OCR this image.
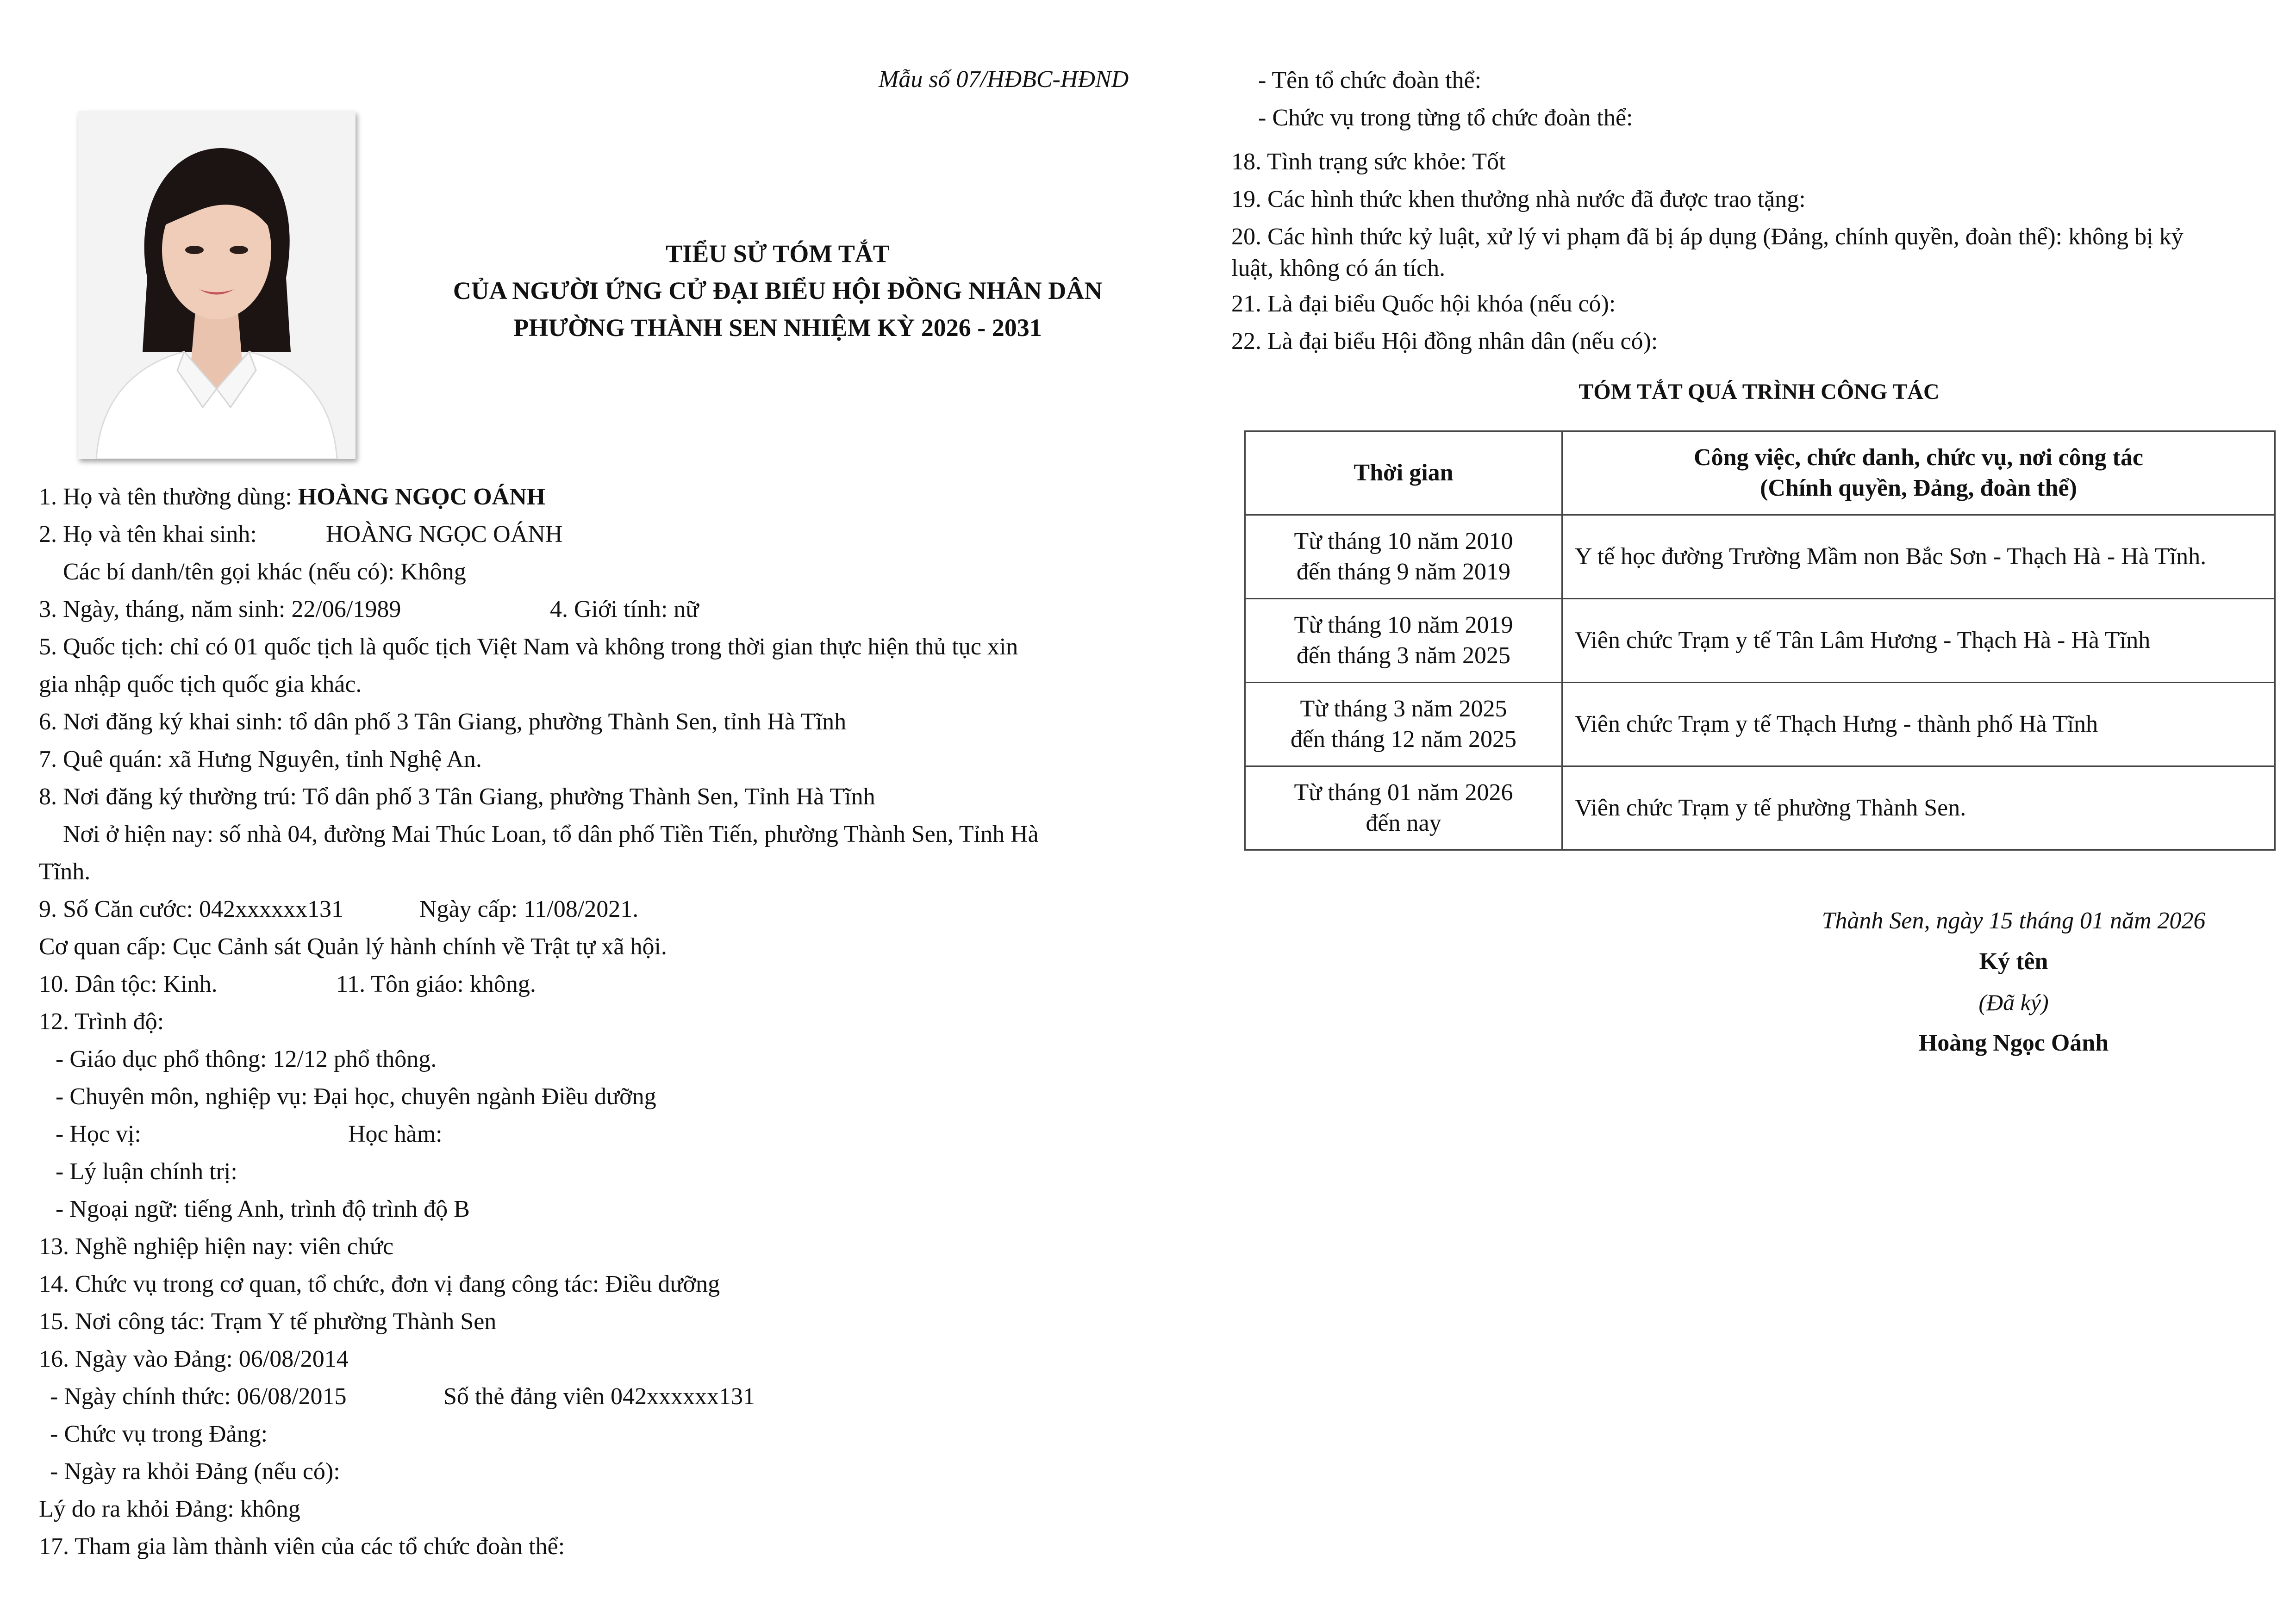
Mẫu số 07/HĐBC-HĐND
TIỂU SỬ TÓM TẮT
CỦA NGƯỜI ỨNG CỬ ĐẠI BIỂU HỘI ĐỒNG NHÂN DÂN
PHƯỜNG THÀNH SEN NHIỆM KỲ 2026 - 2031
1. Họ và tên thường dùng: HOÀNG NGỌC OÁNH
2. Họ và tên khai sinh:	HOÀNG NGỌC OÁNH
Các bí danh/tên gọi khác (nếu có): Không
3. Ngày, tháng, năm sinh: 22/06/1989	4. Giới tính: nữ
5. Quốc tịch: chỉ có 01 quốc tịch là quốc tịch Việt Nam và không trong thời gian thực hiện thủ tục xin
gia nhập quốc tịch quốc gia khác.
6. Nơi đăng ký khai sinh: tổ dân phố 3 Tân Giang, phường Thành Sen, tỉnh Hà Tĩnh
7. Quê quán: xã Hưng Nguyên, tỉnh Nghệ An.
8. Nơi đăng ký thường trú: Tổ dân phố 3 Tân Giang, phường Thành Sen, Tỉnh Hà Tĩnh
Nơi ở hiện nay: số nhà 04, đường Mai Thúc Loan, tổ dân phố Tiền Tiến, phường Thành Sen, Tỉnh Hà
Tĩnh.
9. Số Căn cước: 042xxxxxx131	Ngày cấp: 11/08/2021.
Cơ quan cấp: Cục Cảnh sát Quản lý hành chính về Trật tự xã hội.
10. Dân tộc: Kinh.	11. Tôn giáo: không.
12. Trình độ:
- Giáo dục phổ thông: 12/12 phổ thông.
- Chuyên môn, nghiệp vụ: Đại học, chuyên ngành Điều dưỡng
- Học vị:	Học hàm:
- Lý luận chính trị:
- Ngoại ngữ: tiếng Anh, trình độ trình độ B
13. Nghề nghiệp hiện nay: viên chức
14. Chức vụ trong cơ quan, tổ chức, đơn vị đang công tác: Điều dưỡng
15. Nơi công tác: Trạm Y tế phường Thành Sen
16. Ngày vào Đảng: 06/08/2014
- Ngày chính thức: 06/08/2015	Số thẻ đảng viên 042xxxxxx131
- Chức vụ trong Đảng:
- Ngày ra khỏi Đảng (nếu có):
Lý do ra khỏi Đảng: không
17. Tham gia làm thành viên của các tổ chức đoàn thể:
- Tên tổ chức đoàn thể:
- Chức vụ trong từng tổ chức đoàn thể:
18. Tình trạng sức khỏe: Tốt
19. Các hình thức khen thưởng nhà nước đã được trao tặng:
20. Các hình thức kỷ luật, xử lý vi phạm đã bị áp dụng (Đảng, chính quyền, đoàn thể): không bị kỷ
luật, không có án tích.
21. Là đại biểu Quốc hội khóa (nếu có):
22. Là đại biểu Hội đồng nhân dân (nếu có):
TÓM TẮT QUÁ TRÌNH CÔNG TÁC
Thời gian	Công việc, chức danh, chức vụ, nơi công tác
(Chính quyền, Đảng, đoàn thể)

Từ tháng 10 năm 2010
đến tháng 9 năm 2019	Y tế học đường Trường Mầm non Bắc Sơn - Thạch Hà - Hà Tĩnh.

Từ tháng 10 năm 2019
đến tháng 3 năm 2025	Viên chức Trạm y tế Tân Lâm Hương - Thạch Hà - Hà Tĩnh

Từ tháng 3 năm 2025
đến tháng 12 năm 2025	Viên chức Trạm y tế Thạch Hưng - thành phố Hà Tĩnh

Từ tháng 01 năm 2026
đến nay	Viên chức Trạm y tế phường Thành Sen.
Thành Sen, ngày 15 tháng 01 năm 2026
Ký tên
(Đã ký)
Hoàng Ngọc Oánh
